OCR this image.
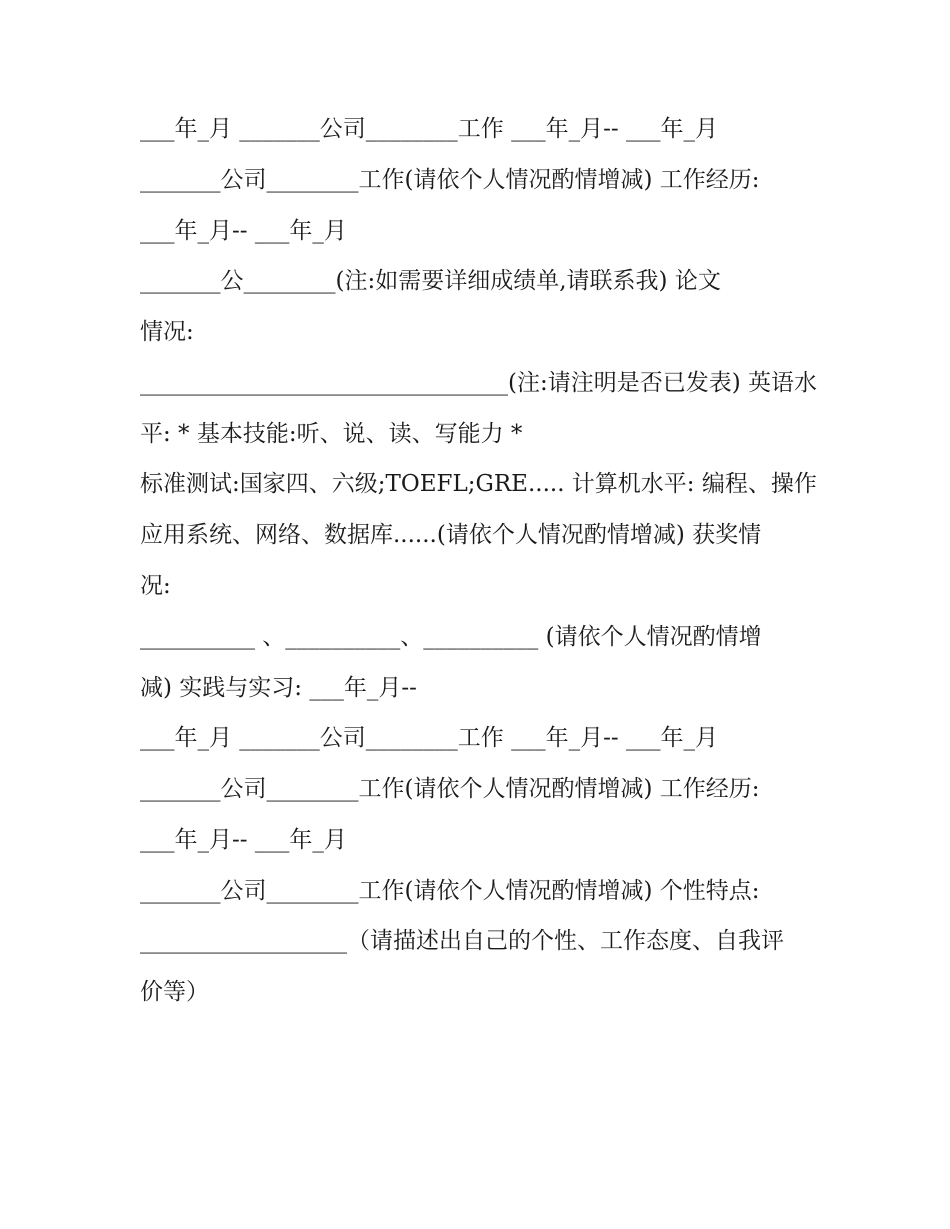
___年_月 _______公司________工作 ___年_月-- ___年_月
_______公司________工作(请依个人情况酌情增减) 工作经历:
___年_月-- ___年_月
_______公________(注:如需要详细成绩单,请联系我) 论文
情况:
________________________________(注:请注明是否已发表) 英语水
平: * 基本技能:听、说、读、写能力 *
标准测试:国家四、六级;TOEFL;GRE..... 计算机水平: 编程、操作
应用系统、网络、数据库......(请依个人情况酌情增减) 获奖情
况:
__________ 、__________、__________ (请依个人情况酌情增
减) 实践与实习: ___年_月--
___年_月 _______公司________工作 ___年_月-- ___年_月
_______公司________工作(请依个人情况酌情增减) 工作经历:
___年_月-- ___年_月
_______公司________工作(请依个人情况酌情增减) 个性特点:
__________________（请描述出自己的个性、工作态度、自我评
价等）
